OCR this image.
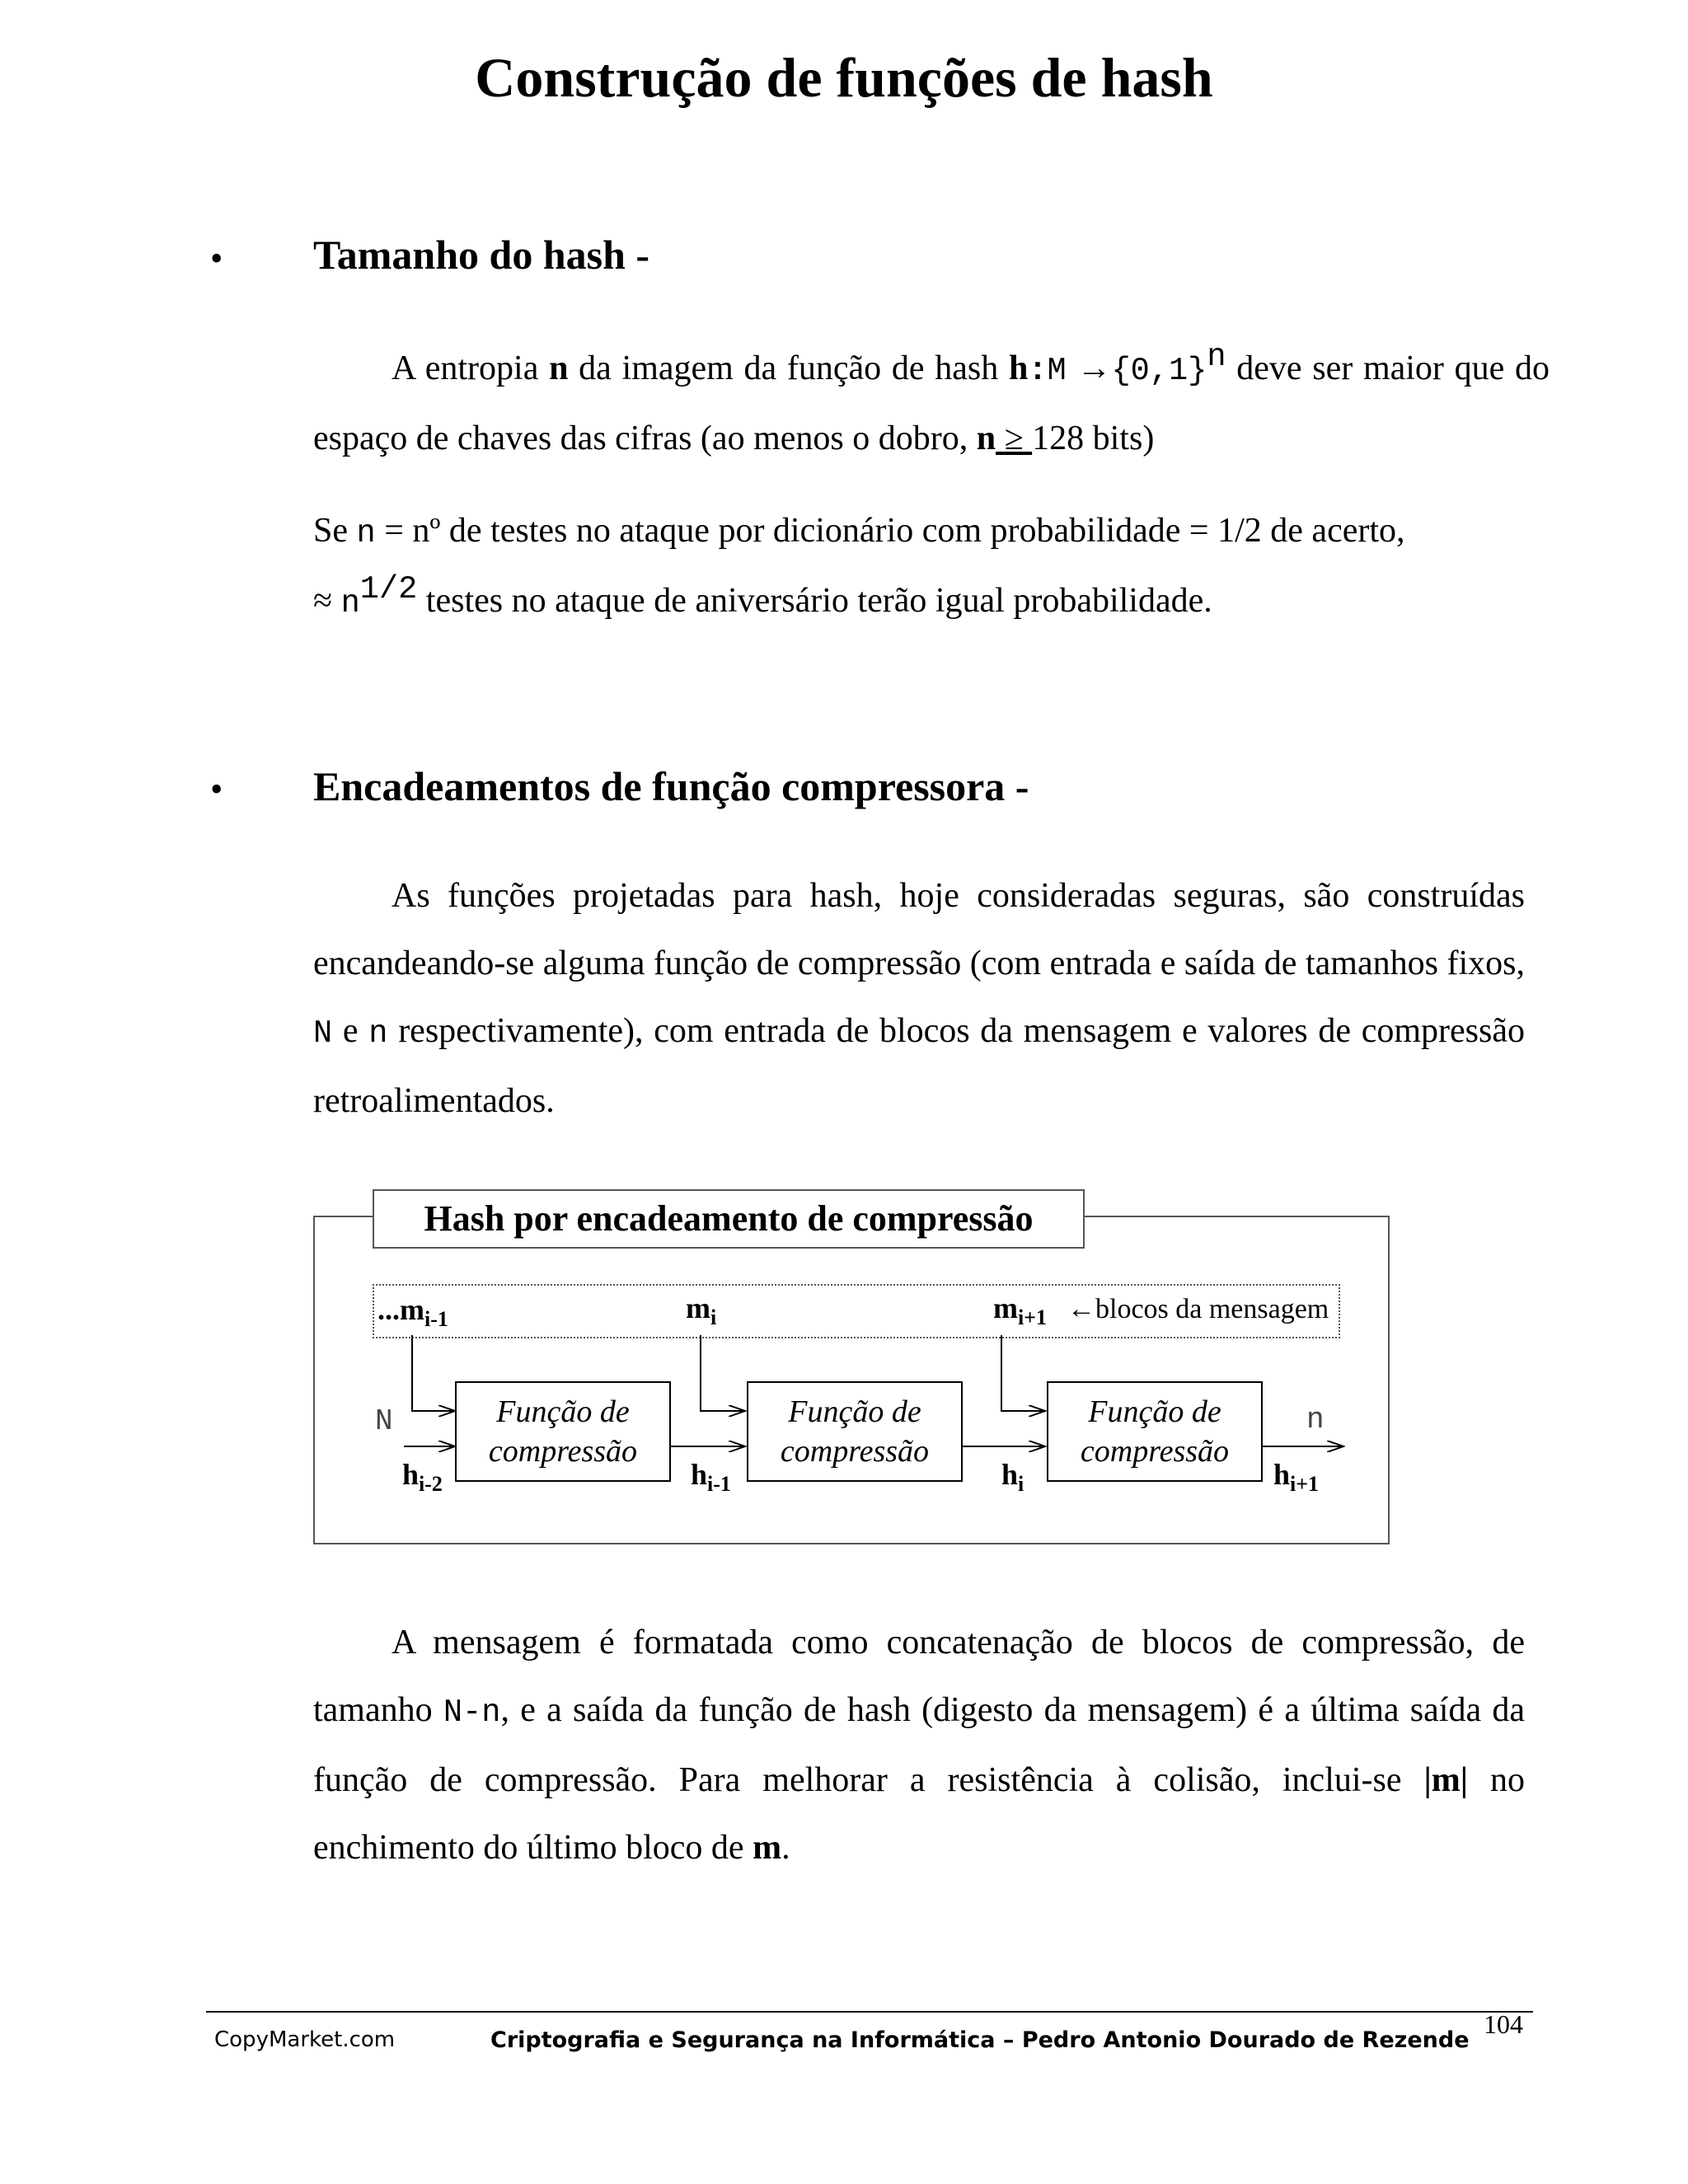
Construção de funções de hash
• Tamanho do hash -

A entropia n da imagem da função de hash h:M $\to\{0,1\}^n$ deve ser maior que do espaço de chaves das cifras (ao menos o dobro, n ≥ 128 bits)

Se n = nº de testes no ataque por dicionário com probabilidade = 1/2 de acerto,
≈ $n^{1/2}$ testes no ataque de aniversário terão igual probabilidade.

• Encadeamentos de função compressora -

As funções projetadas para hash, hoje consideradas seguras, são construídas encandeando-se alguma função de compressão (com entrada e saída de tamanhos fixos, N e n respectivamente), com entrada de blocos da mensagem e valores de compressão retroalimentados.

Hash por encadeamento de compressão
$...m_{i-1}$	$m_i$	$m_{i+1}$ ←blocos da mensagem
Função de
compressão
Função de
compressão
Função de
compressão
N	n
$h_{i-2}$	$h_{i-1}$	$h_i$	$h_{i+1}$

A mensagem é formatada como concatenação de blocos de compressão, de tamanho N-n, e a saída da função de hash (digesto da mensagem) é a última saída da função de compressão. Para melhorar a resistência à colisão, inclui-se |m| no enchimento do último bloco de m.

104
CopyMarket.com	Criptografia e Segurança na Informática – Pedro Antonio Dourado de Rezende
